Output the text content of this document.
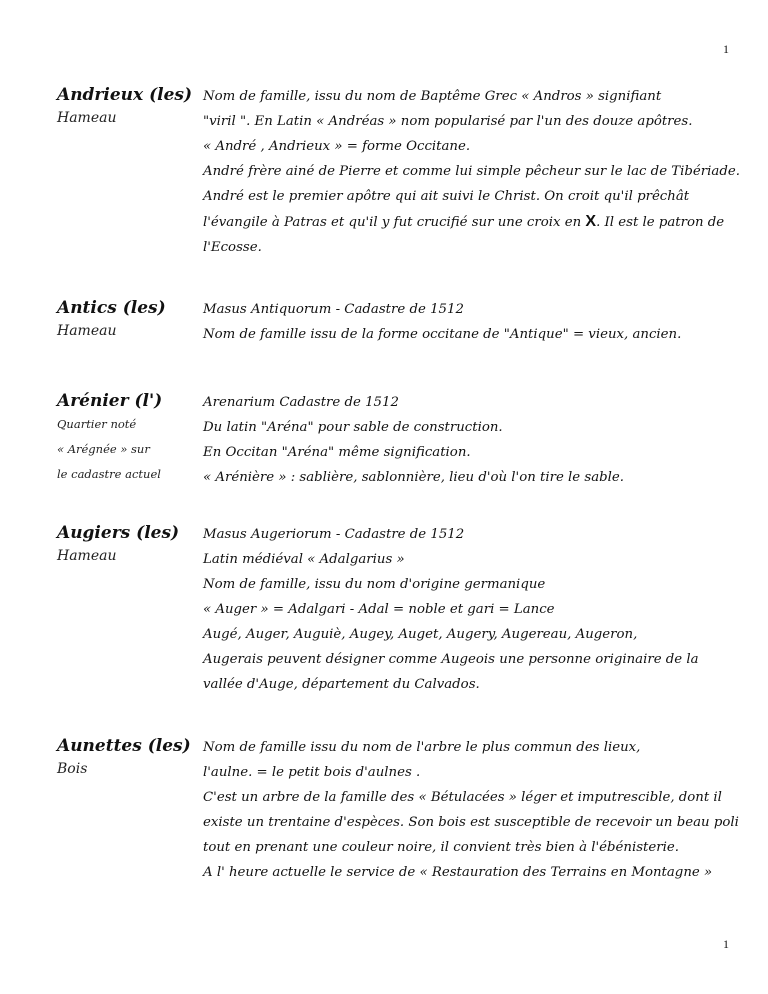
1
Andrieux (les)
Hameau
Nom de famille, issu du nom de Baptême Grec « Andros » signifiant
"viril ". En Latin « Andréas » nom popularisé par l'un des douze apôtres.
« André , Andrieux » = forme Occitane.
André frère ainé de Pierre et comme lui simple pêcheur sur le lac de Tibériade.
André est le premier apôtre qui ait suivi le Christ. On croit qu'il prêchât
l'évangile à Patras et qu'il y fut crucifié sur une croix en X. Il est le patron de
l'Ecosse.
Antics (les)
Hameau
Masus Antiquorum - Cadastre de 1512
Nom de famille issu de la forme occitane de "Antique" = vieux, ancien.
Arénier (l')
Quartier noté
« Arégnée » sur
le cadastre actuel
Arenarium Cadastre de 1512
Du latin "Aréna" pour sable de construction.
En Occitan "Aréna" même signification.
« Arénière » : sablière, sablonnière, lieu d'où l'on tire le sable.
Augiers (les)
Hameau
Masus Augeriorum - Cadastre de 1512
Latin médiéval « Adalgarius »
Nom de famille, issu du nom d'origine germanique
« Auger » = Adalgari - Adal = noble et gari = Lance
Augé, Auger, Auguiè, Augey, Auget, Augery, Augereau, Augeron,
Augerais peuvent désigner comme Augeois une personne originaire de la
vallée d'Auge, département du Calvados.
Aunettes (les)
Bois
Nom de famille issu du nom de l'arbre le plus commun des lieux,
l'aulne. = le petit bois d'aulnes .
C'est un arbre de la famille des « Bétulacées » léger et imputrescible, dont il
existe un trentaine d'espèces. Son bois est susceptible de recevoir un beau poli
tout en prenant une couleur noire, il convient très bien à l'ébénisterie.
A l' heure actuelle le service de « Restauration des Terrains en Montagne »
1
